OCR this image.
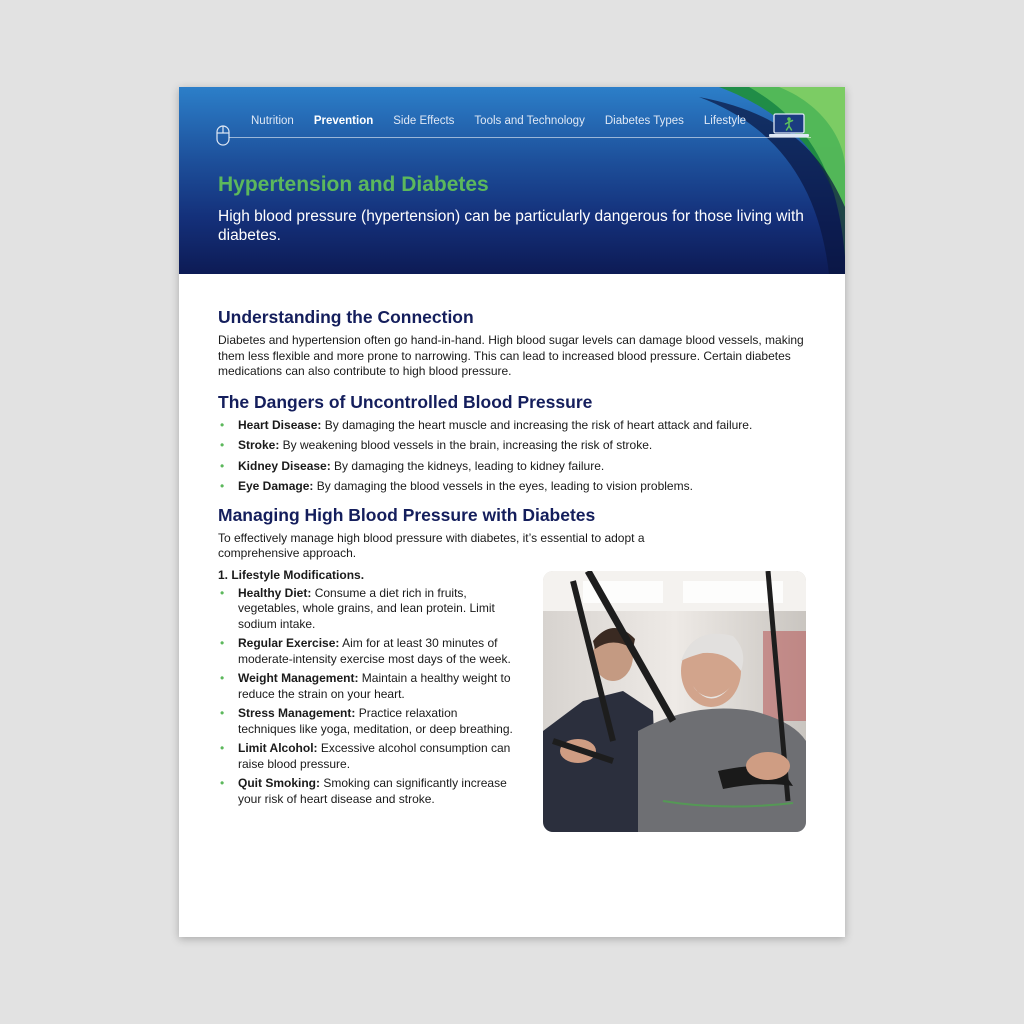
Nutrition Prevention Side Effects Tools and Technology Diabetes Types Lifestyle
Hypertension and Diabetes
High blood pressure (hypertension) can be particularly dangerous for those living with diabetes.
Understanding the Connection

Diabetes and hypertension often go hand-in-hand. High blood sugar levels can damage blood vessels, making them less flexible and more prone to narrowing. This can lead to increased blood pressure. Certain diabetes medications can also contribute to high blood pressure.

The Dangers of Uncontrolled Blood Pressure
• Heart Disease: By damaging the heart muscle and increasing the risk of heart attack and failure.
• Stroke: By weakening blood vessels in the brain, increasing the risk of stroke.
• Kidney Disease: By damaging the kidneys, leading to kidney failure.
• Eye Damage: By damaging the blood vessels in the eyes, leading to vision problems.
Managing High Blood Pressure with Diabetes

To effectively manage high blood pressure with diabetes, it’s essential to adopt a comprehensive approach.

1. Lifestyle Modifications.
• Healthy Diet: Consume a diet rich in fruits, vegetables, whole grains, and lean protein. Limit sodium intake.
• Regular Exercise: Aim for at least 30 minutes of moderate-intensity exercise most days of the week.
• Weight Management: Maintain a healthy weight to reduce the strain on your heart.
• Stress Management: Practice relaxation techniques like yoga, meditation, or deep breathing.
• Limit Alcohol: Excessive alcohol consumption can raise blood pressure.
• Quit Smoking: Smoking can significantly increase your risk of heart disease and stroke.
